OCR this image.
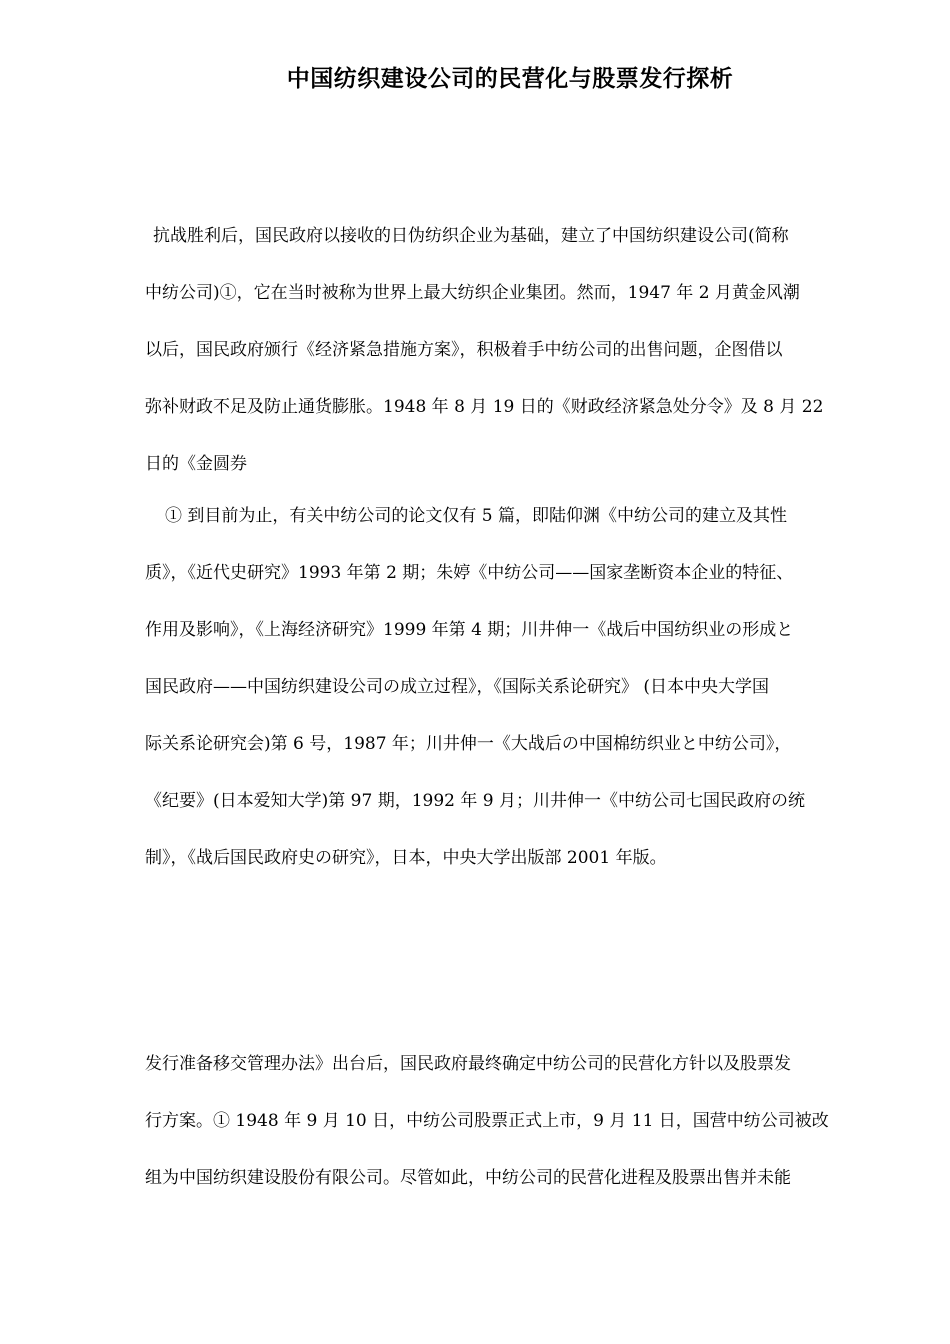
中国纺织建设公司的民营化与股票发行探析
抗战胜利后，国民政府以接收的日伪纺织企业为基础，建立了中国纺织建设公司(简称
中纺公司)①，它在当时被称为世界上最大纺织企业集团。然而，1947 年 2 月黄金风潮
以后，国民政府颁行《经济紧急措施方案》，积极着手中纺公司的出售问题，企图借以
弥补财政不足及防止通货膨胀。1948 年 8 月 19 日的《财政经济紧急处分令》及 8 月 22
日的《金圆券
① 到目前为止，有关中纺公司的论文仅有 5 篇，即陆仰渊《中纺公司的建立及其性
质》，《近代史研究》1993 年第 2 期；朱婷《中纺公司——国家垄断资本企业的特征、
作用及影响》，《上海经济研究》1999 年第 4 期；川井伸一《战后中国纺织业の形成と
国民政府——中国纺织建设公司の成立过程》，《国际关系论研究》 (日本中央大学国
际关系论研究会)第 6 号，1987 年；川井伸一《大战后の中国棉纺织业と中纺公司》，
《纪要》(日本爱知大学)第 97 期，1992 年 9 月；川井伸一《中纺公司七国民政府の统
制》，《战后国民政府史の研究》，日本，中央大学出版部 2001 年版。
发行准备移交管理办法》出台后，国民政府最终确定中纺公司的民营化方针以及股票发
行方案。① 1948 年 9 月 10 日，中纺公司股票正式上市，9 月 11 日，国营中纺公司被改
组为中国纺织建设股份有限公司。尽管如此，中纺公司的民营化进程及股票出售并未能
